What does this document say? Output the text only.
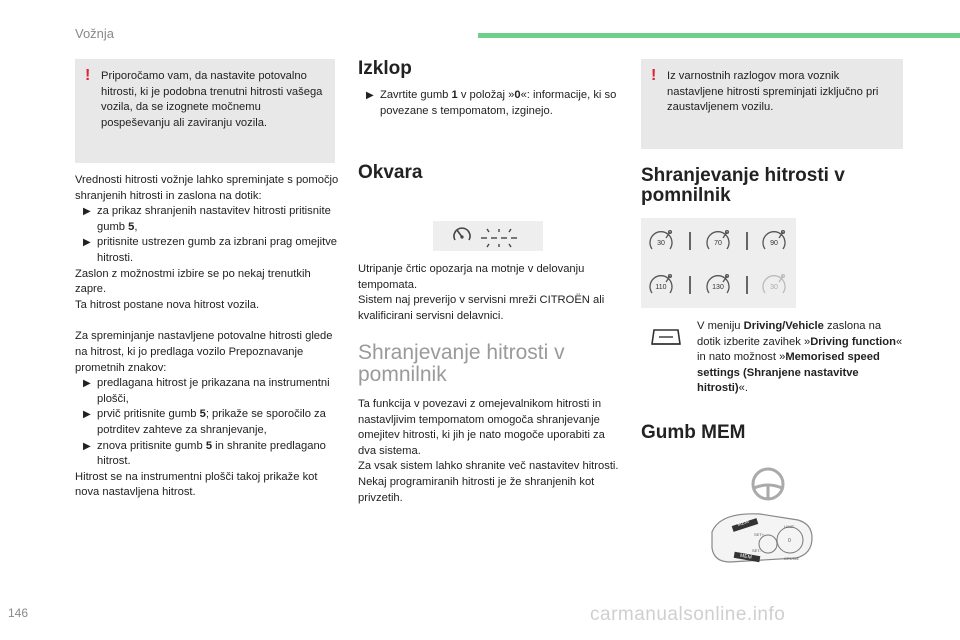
Vožnja
! Priporočamo vam, da nastavite potovalno hitrosti, ki je podobna trenutni hitrosti vašega vozila, da se izognete močnemu pospeševanju ali zaviranju vozila.

Vrednosti hitrosti vožnje lahko spreminjate s pomočjo shranjenih hitrosti in zaslona na dotik:

▶ za prikaz shranjenih nastavitev hitrosti pritisnite gumb 5,

▶ pritisnite ustrezen gumb za izbrani prag omejitve hitrosti.

Zaslon z možnostmi izbire se po nekaj trenutkih zapre.

Ta hitrost postane nova hitrost vozila.

Za spreminjanje nastavljene potovalne hitrosti glede na hitrost, ki jo predlaga vozilo Prepoznavanje prometnih znakov:

▶ predlagana hitrost je prikazana na instrumentni plošči,

▶ prvič pritisnite gumb 5; prikaže se sporočilo za potrditev zahteve za shranjevanje,

▶ znova pritisnite gumb 5 in shranite predlagano hitrost.

Hitrost se na instrumentni plošči takoj prikaže kot nova nastavljena hitrost.

Izklop

▶ Zavrtite gumb 1 v položaj »0«: informacije, ki so povezane s tempomatom, izginejo.

Okvara

Utripanje črtic opozarja na motnje v delovanju tempomata.

Sistem naj preverijo v servisni mreži CITROËN ali kvalificirani servisni delavnici.

Shranjevanje hitrosti v pomnilnik

Ta funkcija v povezavi z omejevalnikom hitrosti in nastavljivim tempomatom omogoča shranjevanje omejitev hitrosti, ki jih je nato mogoče uporabiti za dva sistema.

Za vsak sistem lahko shranite več nastavitev hitrosti.

Nekaj programiranih hitrosti je že shranjenih kot privzetih.

! Iz varnostnih razlogov mora voznik nastavljene hitrosti spreminjati izključno pri zaustavljenem vozilu.

Shranjevanje hitrosti v pomnilnik
30	70	90
110	130	30

V meniju Driving/Vehicle zaslona na dotik izberite zavihek »Driving function« in nato možnost »Memorised speed settings (Shranjene nastavitve hitrosti)«.

Gumb MEM
MEM
MEM
LIMIT
SET+
SET-
CRUISE
0
146	carmanualsonline.info
